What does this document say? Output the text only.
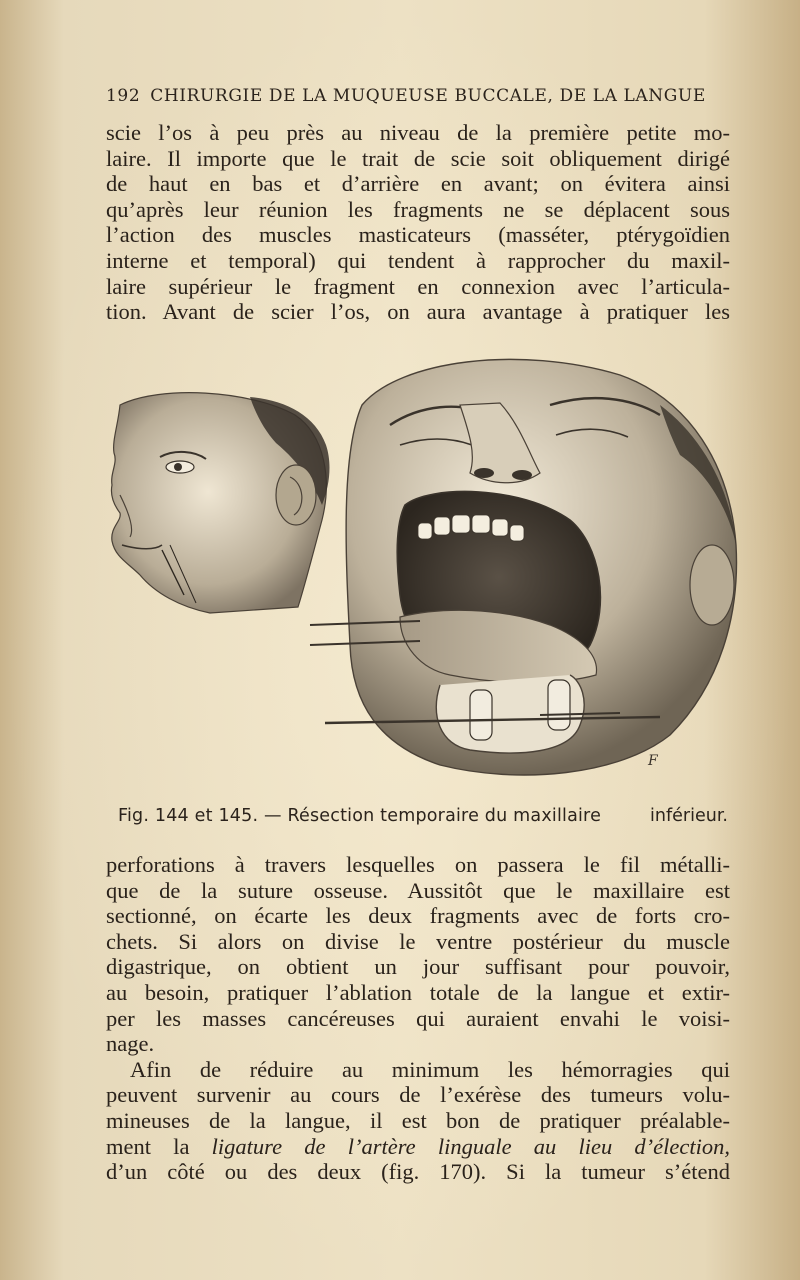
192 CHIRURGIE DE LA MUQUEUSE BUCCALE, DE LA LANGUE
scie l’os à peu près au niveau de la première petite mo-
laire. Il importe que le trait de scie soit obliquement dirigé
de haut en bas et d’arrière en avant; on évitera ainsi
qu’après leur réunion les fragments ne se déplacent sous
l’action des muscles masticateurs (masséter, ptérygoïdien
interne et temporal) qui tendent à rapprocher du maxil-
laire supérieur le fragment en connexion avec l’articula-
tion. Avant de scier l’os, on aura avantage à pratiquer les
F
Fig. 144 et 145. — Résection temporaire du maxillaire	inférieur.
perforations à travers lesquelles on passera le fil métalli-
que de la suture osseuse. Aussitôt que le maxillaire est
sectionné, on écarte les deux fragments avec de forts cro-
chets. Si alors on divise le ventre postérieur du muscle
digastrique, on obtient un jour suffisant pour pouvoir,
au besoin, pratiquer l’ablation totale de la langue et extir-
per les masses cancéreuses qui auraient envahi le voisi-
nage.
Afin de réduire au minimum les hémorragies qui
peuvent survenir au cours de l’exérèse des tumeurs volu-
mineuses de la langue, il est bon de pratiquer préalable-
ment la ligature de l’artère linguale au lieu d’élection,
d’un côté ou des deux (fig. 170). Si la tumeur s’étend
